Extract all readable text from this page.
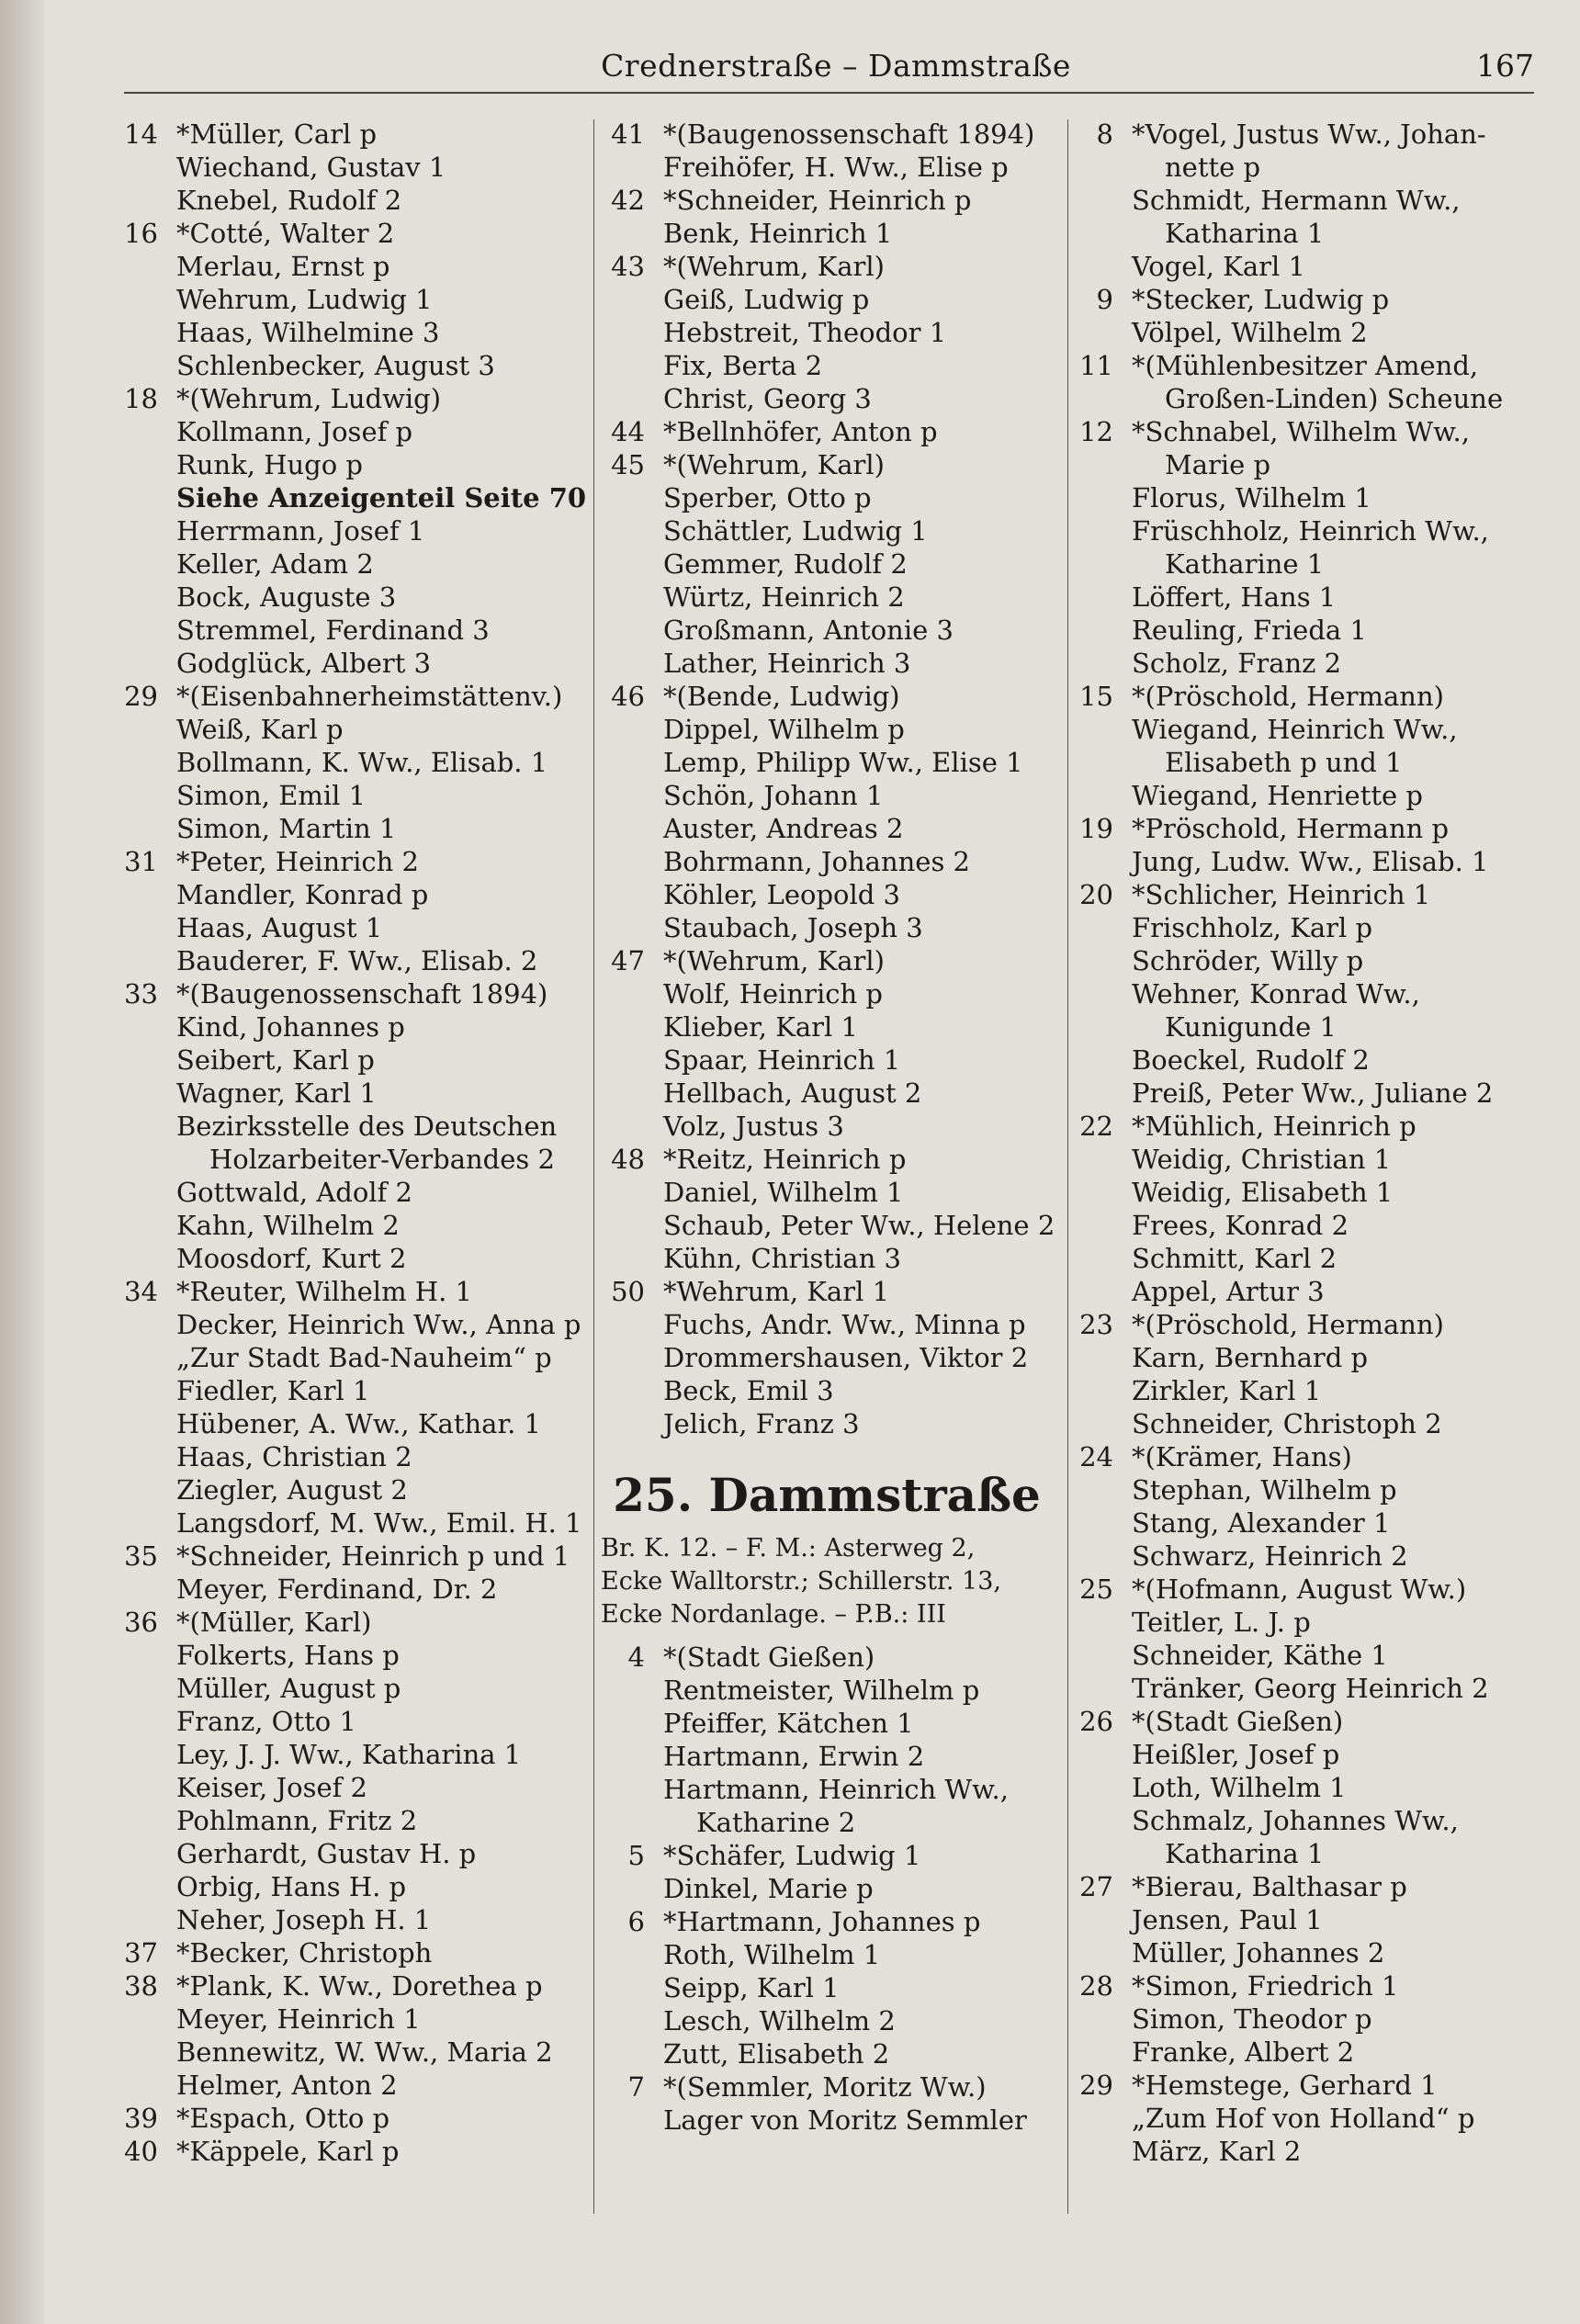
Crednerstraße – Dammstraße	167
14 *Müller, Carl p
Wiechand, Gustav 1
Knebel, Rudolf 2
16 *Cotté, Walter 2
Merlau, Ernst p
Wehrum, Ludwig 1
Haas, Wilhelmine 3
Schlenbecker, August 3
18 *(Wehrum, Ludwig)
Kollmann, Josef p
Runk, Hugo p
Siehe Anzeigenteil Seite 70
Herrmann, Josef 1
Keller, Adam 2
Bock, Auguste 3
Stremmel, Ferdinand 3
Godglück, Albert 3
29 *(Eisenbahnerheimstättenv.)
Weiß, Karl p
Bollmann, K. Ww., Elisab. 1
Simon, Emil 1
Simon, Martin 1
31 *Peter, Heinrich 2
Mandler, Konrad p
Haas, August 1
Bauderer, F. Ww., Elisab. 2
33 *(Baugenossenschaft 1894)
Kind, Johannes p
Seibert, Karl p
Wagner, Karl 1
Bezirksstelle des Deutschen
Holzarbeiter-Verbandes 2
Gottwald, Adolf 2
Kahn, Wilhelm 2
Moosdorf, Kurt 2
34 *Reuter, Wilhelm H. 1
Decker, Heinrich Ww., Anna p
„Zur Stadt Bad-Nauheim“ p
Fiedler, Karl 1
Hübener, A. Ww., Kathar. 1
Haas, Christian 2
Ziegler, August 2
Langsdorf, M. Ww., Emil. H. 1
35 *Schneider, Heinrich p und 1
Meyer, Ferdinand, Dr. 2
36 *(Müller, Karl)
Folkerts, Hans p
Müller, August p
Franz, Otto 1
Ley, J. J. Ww., Katharina 1
Keiser, Josef 2
Pohlmann, Fritz 2
Gerhardt, Gustav H. p
Orbig, Hans H. p
Neher, Joseph H. 1
37 *Becker, Christoph
38 *Plank, K. Ww., Dorethea p
Meyer, Heinrich 1
Bennewitz, W. Ww., Maria 2
Helmer, Anton 2
39 *Espach, Otto p
40 *Käppele, Karl p
41 *(Baugenossenschaft 1894)
Freihöfer, H. Ww., Elise p
42 *Schneider, Heinrich p
Benk, Heinrich 1
43 *(Wehrum, Karl)
Geiß, Ludwig p
Hebstreit, Theodor 1
Fix, Berta 2
Christ, Georg 3
44 *Bellnhöfer, Anton p
45 *(Wehrum, Karl)
Sperber, Otto p
Schättler, Ludwig 1
Gemmer, Rudolf 2
Würtz, Heinrich 2
Großmann, Antonie 3
Lather, Heinrich 3
46 *(Bende, Ludwig)
Dippel, Wilhelm p
Lemp, Philipp Ww., Elise 1
Schön, Johann 1
Auster, Andreas 2
Bohrmann, Johannes 2
Köhler, Leopold 3
Staubach, Joseph 3
47 *(Wehrum, Karl)
Wolf, Heinrich p
Klieber, Karl 1
Spaar, Heinrich 1
Hellbach, August 2
Volz, Justus 3
48 *Reitz, Heinrich p
Daniel, Wilhelm 1
Schaub, Peter Ww., Helene 2
Kühn, Christian 3
50 *Wehrum, Karl 1
Fuchs, Andr. Ww., Minna p
Drommershausen, Viktor 2
Beck, Emil 3
Jelich, Franz 3
25. Dammstraße
Br. K. 12. – F. M.: Asterweg 2,
Ecke Walltorstr.; Schillerstr. 13,
Ecke Nordanlage. – P.B.: III
4 *(Stadt Gießen)
Rentmeister, Wilhelm p
Pfeiffer, Kätchen 1
Hartmann, Erwin 2
Hartmann, Heinrich Ww.,
Katharine 2
5 *Schäfer, Ludwig 1
Dinkel, Marie p
6 *Hartmann, Johannes p
Roth, Wilhelm 1
Seipp, Karl 1
Lesch, Wilhelm 2
Zutt, Elisabeth 2
7 *(Semmler, Moritz Ww.)
Lager von Moritz Semmler
8 *Vogel, Justus Ww., Johan-
nette p
Schmidt, Hermann Ww.,
Katharina 1
Vogel, Karl 1
9 *Stecker, Ludwig p
Völpel, Wilhelm 2
11 *(Mühlenbesitzer Amend,
Großen-Linden) Scheune
12 *Schnabel, Wilhelm Ww.,
Marie p
Florus, Wilhelm 1
Früschholz, Heinrich Ww.,
Katharine 1
Löffert, Hans 1
Reuling, Frieda 1
Scholz, Franz 2
15 *(Pröschold, Hermann)
Wiegand, Heinrich Ww.,
Elisabeth p und 1
Wiegand, Henriette p
19 *Pröschold, Hermann p
Jung, Ludw. Ww., Elisab. 1
20 *Schlicher, Heinrich 1
Frischholz, Karl p
Schröder, Willy p
Wehner, Konrad Ww.,
Kunigunde 1
Boeckel, Rudolf 2
Preiß, Peter Ww., Juliane 2
22 *Mühlich, Heinrich p
Weidig, Christian 1
Weidig, Elisabeth 1
Frees, Konrad 2
Schmitt, Karl 2
Appel, Artur 3
23 *(Pröschold, Hermann)
Karn, Bernhard p
Zirkler, Karl 1
Schneider, Christoph 2
24 *(Krämer, Hans)
Stephan, Wilhelm p
Stang, Alexander 1
Schwarz, Heinrich 2
25 *(Hofmann, August Ww.)
Teitler, L. J. p
Schneider, Käthe 1
Tränker, Georg Heinrich 2
26 *(Stadt Gießen)
Heißler, Josef p
Loth, Wilhelm 1
Schmalz, Johannes Ww.,
Katharina 1
27 *Bierau, Balthasar p
Jensen, Paul 1
Müller, Johannes 2
28 *Simon, Friedrich 1
Simon, Theodor p
Franke, Albert 2
29 *Hemstege, Gerhard 1
„Zum Hof von Holland“ p
März, Karl 2
